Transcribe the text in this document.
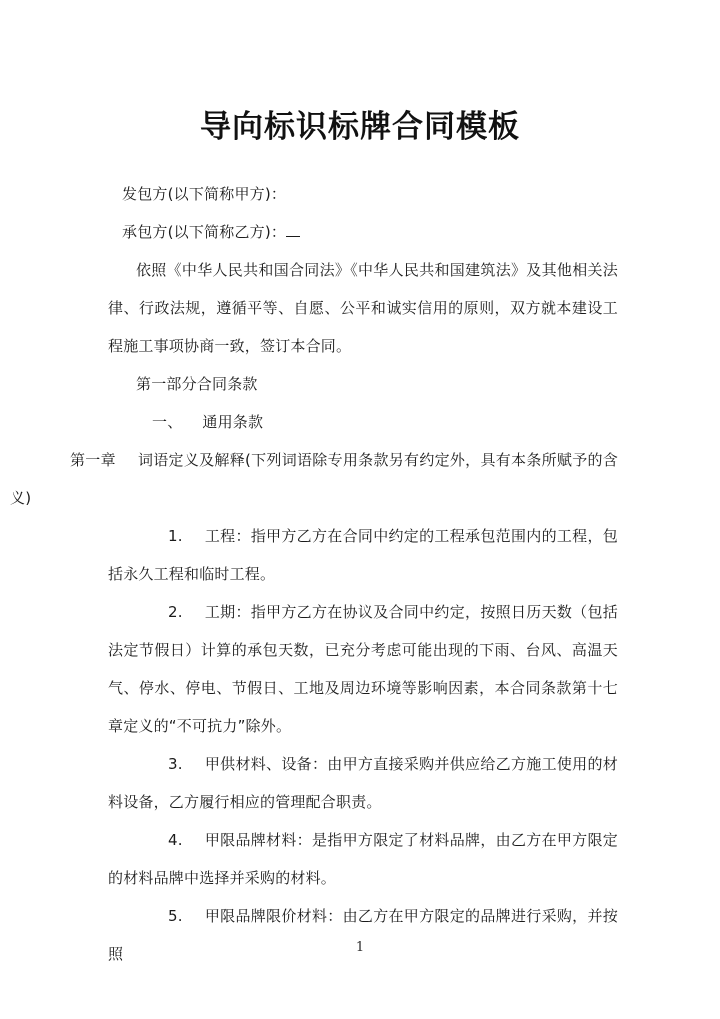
导向标识标牌合同模板

发包方(以下简称甲方)：

承包方(以下简称乙方)：

依照《中华人民共和国合同法》《中华人民共和国建筑法》及其他相关法律、行政法规，遵循平等、自愿、公平和诚实信用的原则，双方就本建设工程施工事项协商一致，签订本合同。

第一部分合同条款

一、 通用条款

第一章 词语定义及解释(下列词语除专用条款另有约定外，具有本条所赋予的含义)

1. 工程：指甲方乙方在合同中约定的工程承包范围内的工程，包括永久工程和临时工程。

2. 工期：指甲方乙方在协议及合同中约定，按照日历天数（包括法定节假日）计算的承包天数，已充分考虑可能出现的下雨、台风、高温天气、停水、停电、节假日、工地及周边环境等影响因素，本合同条款第十七章定义的“不可抗力”除外。

3. 甲供材料、设备：由甲方直接采购并供应给乙方施工使用的材料设备，乙方履行相应的管理配合职责。

4. 甲限品牌材料：是指甲方限定了材料品牌，由乙方在甲方限定的材料品牌中选择并采购的材料。

5. 甲限品牌限价材料：由乙方在甲方限定的品牌进行采购，并按照	1
